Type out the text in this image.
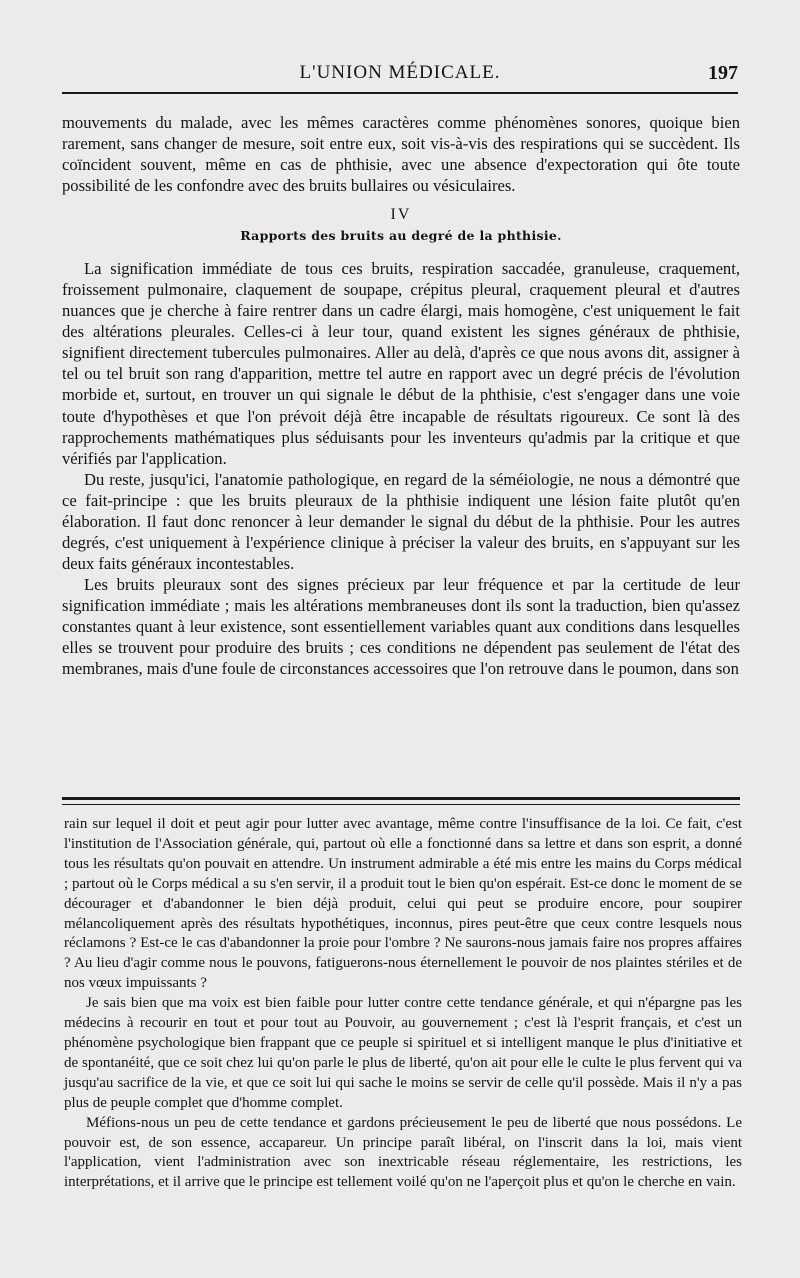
L'UNION MÉDICALE.	197

mouvements du malade, avec les mêmes caractères comme phénomènes sonores, quoique bien rarement, sans changer de mesure, soit entre eux, soit vis-à-vis des respirations qui se succèdent. Ils coïncident souvent, même en cas de phthisie, avec une absence d'expectoration qui ôte toute possibilité de les confondre avec des bruits bullaires ou vésiculaires.

IV

Rapports des bruits au degré de la phthisie.

La signification immédiate de tous ces bruits, respiration saccadée, granuleuse, craquement, froissement pulmonaire, claquement de soupape, crépitus pleural, craquement pleural et d'autres nuances que je cherche à faire rentrer dans un cadre élargi, mais homogène, c'est uniquement le fait des altérations pleurales. Celles-ci à leur tour, quand existent les signes généraux de phthisie, signifient directement tubercules pulmonaires. Aller au delà, d'après ce que nous avons dit, assigner à tel ou tel bruit son rang d'apparition, mettre tel autre en rapport avec un degré précis de l'évolution morbide et, surtout, en trouver un qui signale le début de la phthisie, c'est s'engager dans une voie toute d'hypothèses et que l'on prévoit déjà être incapable de résultats rigoureux. Ce sont là des rapprochements mathématiques plus séduisants pour les inventeurs qu'admis par la critique et que vérifiés par l'application.

Du reste, jusqu'ici, l'anatomie pathologique, en regard de la séméiologie, ne nous a démontré que ce fait-principe : que les bruits pleuraux de la phthisie indiquent une lésion faite plutôt qu'en élaboration. Il faut donc renoncer à leur demander le signal du début de la phthisie. Pour les autres degrés, c'est uniquement à l'expérience clinique à préciser la valeur des bruits, en s'appuyant sur les deux faits généraux incontestables.

Les bruits pleuraux sont des signes précieux par leur fréquence et par la certitude de leur signification immédiate ; mais les altérations membraneuses dont ils sont la traduction, bien qu'assez constantes quant à leur existence, sont essentiellement variables quant aux conditions dans lesquelles elles se trouvent pour produire des bruits ; ces conditions ne dépendent pas seulement de l'état des membranes, mais d'une foule de circonstances accessoires que l'on retrouve dans le poumon, dans son

rain sur lequel il doit et peut agir pour lutter avec avantage, même contre l'insuffisance de la loi. Ce fait, c'est l'institution de l'Association générale, qui, partout où elle a fonctionné dans sa lettre et dans son esprit, a donné tous les résultats qu'on pouvait en attendre. Un instrument admirable a été mis entre les mains du Corps médical ; partout où le Corps médical a su s'en servir, il a produit tout le bien qu'on espérait. Est-ce donc le moment de se décourager et d'abandonner le bien déjà produit, celui qui peut se produire encore, pour soupirer mélancoliquement après des résultats hypothétiques, inconnus, pires peut-être que ceux contre lesquels nous réclamons ? Est-ce le cas d'abandonner la proie pour l'ombre ? Ne saurons-nous jamais faire nos propres affaires ? Au lieu d'agir comme nous le pouvons, fatiguerons-nous éternellement le pouvoir de nos plaintes stériles et de nos vœux impuissants ?

Je sais bien que ma voix est bien faible pour lutter contre cette tendance générale, et qui n'épargne pas les médecins à recourir en tout et pour tout au Pouvoir, au gouvernement ; c'est là l'esprit français, et c'est un phénomène psychologique bien frappant que ce peuple si spirituel et si intelligent manque le plus d'initiative et de spontanéité, que ce soit chez lui qu'on parle le plus de liberté, qu'on ait pour elle le culte le plus fervent qui va jusqu'au sacrifice de la vie, et que ce soit lui qui sache le moins se servir de celle qu'il possède. Mais il n'y a pas plus de peuple complet que d'homme complet.

Méfions-nous un peu de cette tendance et gardons précieusement le peu de liberté que nous possédons. Le pouvoir est, de son essence, accapareur. Un principe paraît libéral, on l'inscrit dans la loi, mais vient l'application, vient l'administration avec son inextricable réseau réglementaire, les restrictions, les interprétations, et il arrive que le principe est tellement voilé qu'on ne l'aperçoit plus et qu'on le cherche en vain.
